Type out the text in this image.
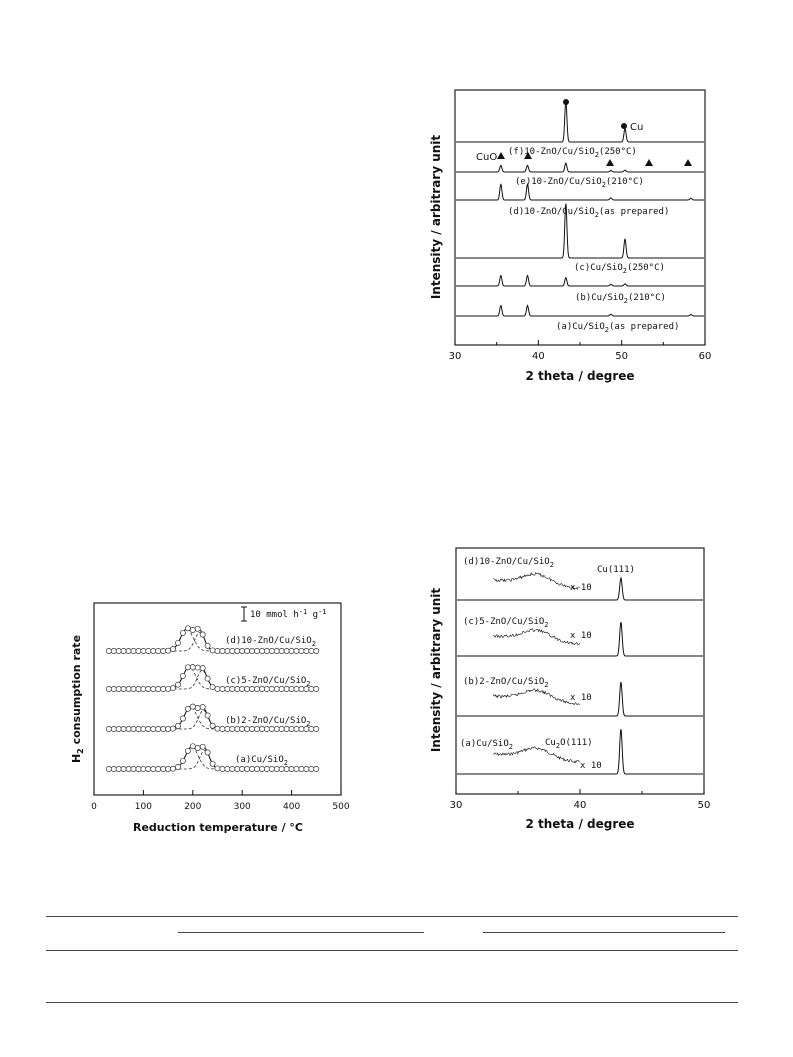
30	40	50	60
Cu
CuO (f)10-ZnO/Cu/SiO$_2$(250°C)
(e)10-ZnO/Cu/SiO$_2$(210°C)
(d)10-ZnO/Cu/SiO$_2$(as prepared)
(c)Cu/SiO$_2$(250°C)
(b)Cu/SiO$_2$(210°C)
(a)Cu/SiO$_2$(as prepared)
2 theta / degree
Intensity / arbitrary unit
0	100	200	300	400	500
10 mmol $h^{-1}$ $g^{-1}$
(d)10-ZnO/Cu/SiO$_2$
(c)5-ZnO/Cu/SiO$_2$
(b)2-ZnO/Cu/SiO$_2$
(a)Cu/SiO$_2$
Reduction temperature / °C
$H_2$ consumption rate
30	40	50
(d)10-ZnO/Cu/SiO$_2$	Cu(111)
x 10
(c)5-ZnO/Cu/SiO$_2$
x 10
(b)2-ZnO/Cu/SiO$_2$
x 10
(a)Cu/SiO$_2$	$Cu_2O(111)$
x 10
2 theta / degree
Intensity / arbitrary unit
